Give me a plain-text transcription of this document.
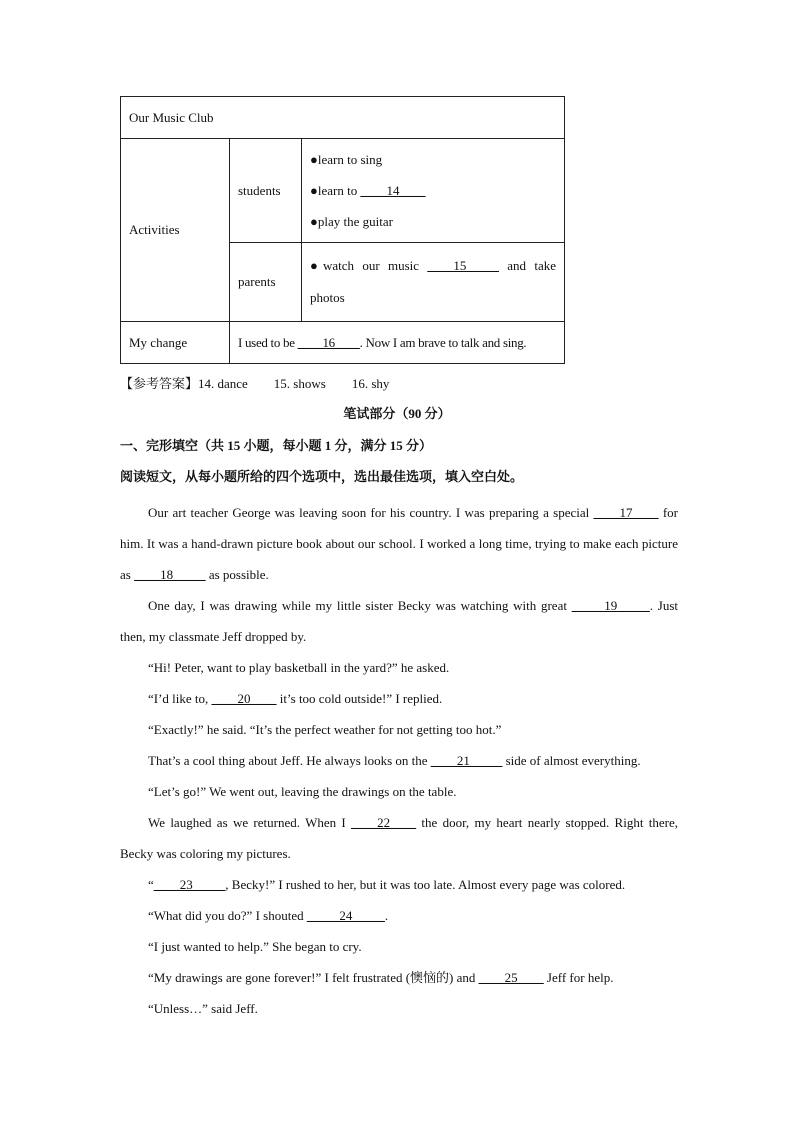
Our Music Club		
Activities	students	●learn to sing
●learn to ____14____
●play the guitar

	parents	●watch our music ____15_____ and take photos
My change	I used to be ____16____. Now I am brave to talk and sing.	
【参考答案】14. dance        15. shows        16. shy
笔试部分（90 分）
一、完形填空（共 15 小题，每小题 1 分，满分 15 分）
阅读短文，从每小题所给的四个选项中，选出最佳选项，填入空白处。

Our art teacher George was leaving soon for his country. I was preparing a special ____17____ for him. It was a hand-drawn picture book about our school. I worked a long time, trying to make each picture as ____18_____ as possible.

One day, I was drawing while my little sister Becky was watching with great _____19_____. Just then, my classmate Jeff dropped by.

“Hi! Peter, want to play basketball in the yard?” he asked.

“I’d like to, ____20____ it’s too cold outside!” I replied.

“Exactly!” he said. “It’s the perfect weather for not getting too hot.”

That’s a cool thing about Jeff. He always looks on the ____21_____ side of almost everything.

“Let’s go!” We went out, leaving the drawings on the table.

We laughed as we returned. When I ____22____ the door, my heart nearly stopped. Right there, Becky was coloring my pictures.

“____23_____, Becky!” I rushed to her, but it was too late. Almost every page was colored.

“What did you do?” I shouted _____24_____.

“I just wanted to help.” She began to cry.

“My drawings are gone forever!” I felt frustrated (懊恼的) and ____25____ Jeff for help.

“Unless…” said Jeff.
